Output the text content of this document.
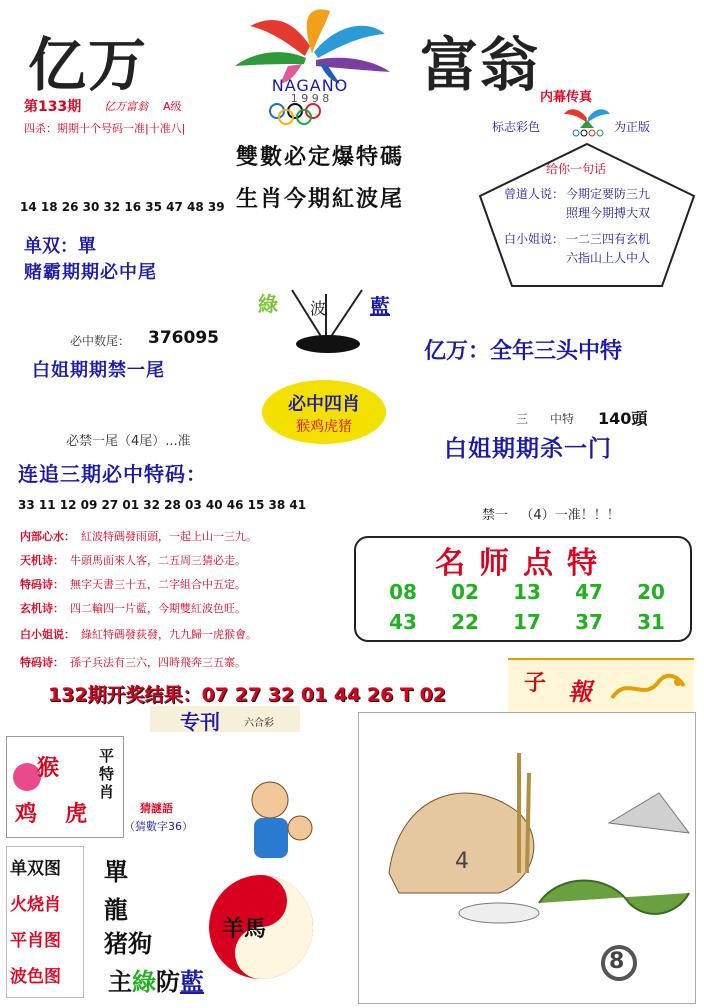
亿万	富翁
NAGANO
1 9 9 8
第133期 亿万富翁 A级
四杀：期期十个号码一准|十准八|
雙數必定爆特碼
生肖今期紅波尾
内幕传真
标志彩色	为正版
给你一句话
曾道人说： 今期定要防三九
照理今期搏大双
白小姐说： 一二三四有玄机
六指山上人中人
14 18 26 30 32 16 35 47 48 39
单双：單
赌霸期期必中尾
綠 波 藍
必中数尾： 376095
白姐期期禁一尾
亿万：全年三头中特
必中四肖
猴鸡虎猪	三 中特 140頭
白姐期期杀一门
必禁一尾（4尾）...准
连追三期必中特码：
33 11 12 09 27 01 32 28 03 40 46 15 38 41
禁一 （4）一准！！！
内部心水： 紅波特碼發雨頭，一起上山一三九。
天机诗： 牛頭馬面來人客，二五周三猜必走。
特码诗： 無字天書三十五，二字組合中五定。
玄机诗： 四二輸四一片藍，今期雙紅波色旺。
白小姐说： 綠紅特碼發荻發，九九歸一虎猴會。
特码诗： 孫子兵法有三六，四時飛奔三五寨。
名师点特
08	02	13	47	20
43	22	17	37	31
132期开奖结果：07 27 32 01 44 26 T 02	子 報
专刊 六合彩
猴
鸡 虎
平特肖
猜謎語
（猜數字36）
单双图
火烧肖
平肖图
波色图
單
龍
猪狗	羊馬
主綠防藍
4
8
